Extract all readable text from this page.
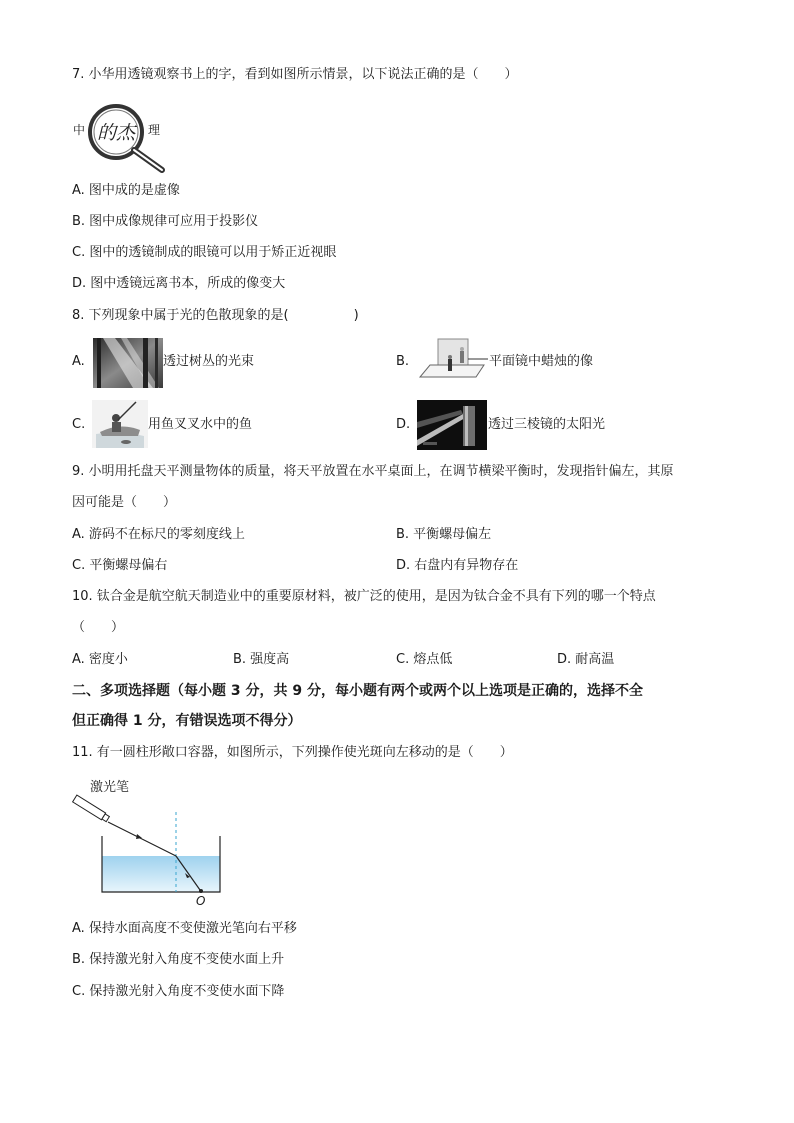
7. 小华用透镜观察书上的字，看到如图所示情景，以下说法正确的是（　　）
中 的杰 理
A. 图中成的是虚像
B. 图中成像规律可应用于投影仪
C. 图中的透镜制成的眼镜可以用于矫正近视眼
D. 图中透镜远离书本，所成的像变大
8. 下列现象中属于光的色散现象的是(　　　　　)
A.	透过树丛的光束	B.	平面镜中蜡烛的像
C.	用鱼叉叉水中的鱼	D.	透过三棱镜的太阳光
9. 小明用托盘天平测量物体的质量，将天平放置在水平桌面上，在调节横梁平衡时，发现指针偏左，其原
因可能是（　　）
A. 游码不在标尺的零刻度线上	B. 平衡螺母偏左
C. 平衡螺母偏右	D. 右盘内有异物存在
10. 钛合金是航空航天制造业中的重要原材料，被广泛的使用，是因为钛合金不具有下列的哪一个特点
（　　）
A. 密度小	B. 强度高	C. 熔点低	D. 耐高温
二、多项选择题（每小题 3 分，共 9 分，每小题有两个或两个以上选项是正确的，选择不全
但正确得 1 分，有错误选项不得分）
11. 有一圆柱形敞口容器，如图所示，下列操作使光斑向左移动的是（　　）
激光笔
O
A. 保持水面高度不变使激光笔向右平移
B. 保持激光射入角度不变使水面上升
C. 保持激光射入角度不变使水面下降
